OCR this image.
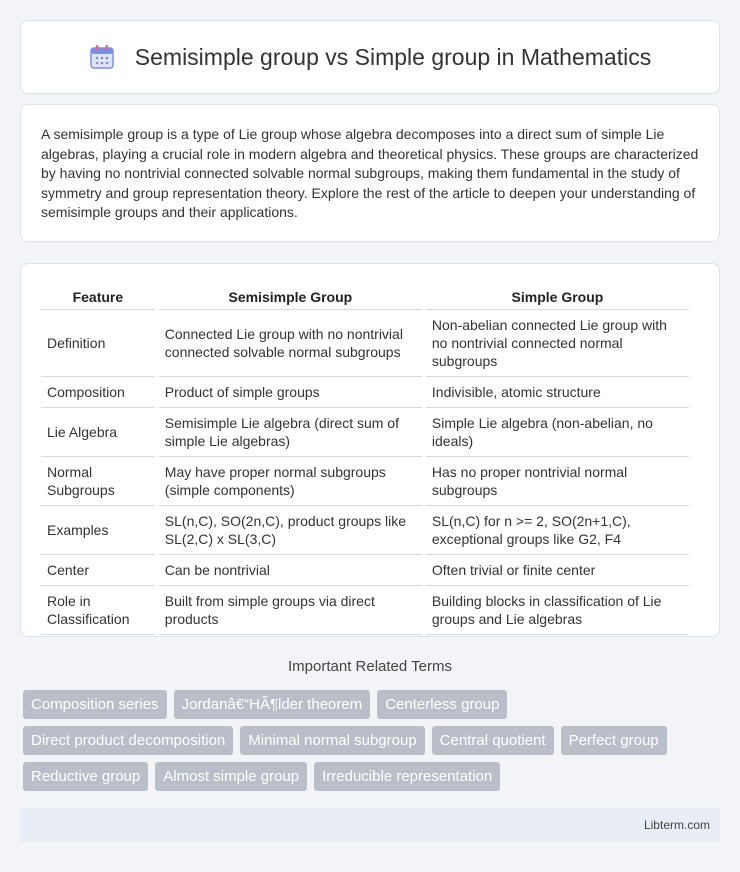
Semisimple group vs Simple group in Mathematics

A semisimple group is a type of Lie group whose algebra decomposes into a direct sum of simple Lie algebras, playing a crucial role in modern algebra and theoretical physics. These groups are characterized by having no nontrivial connected solvable normal subgroups, making them fundamental in the study of symmetry and group representation theory. Explore the rest of the article to deepen your understanding of semisimple groups and their applications.

Feature	Semisimple Group	Simple Group
Definition	Connected Lie group with no nontrivial connected solvable normal subgroups	Non-abelian connected Lie group with no nontrivial connected normal subgroups
Composition	Product of simple groups	Indivisible, atomic structure
Lie Algebra	Semisimple Lie algebra (direct sum of simple Lie algebras)	Simple Lie algebra (non-abelian, no ideals)
Normal Subgroups	May have proper normal subgroups (simple components)	Has no proper nontrivial normal subgroups
Examples	SL(n,C), SO(2n,C), product groups like SL(2,C) x SL(3,C)	SL(n,C) for n >= 2, SO(2n+1,C), exceptional groups like G2, F4
Center	Can be nontrivial	Often trivial or finite center
Role in Classification	Built from simple groups via direct products	Building blocks in classification of Lie groups and Lie algebras
Important Related Terms
Composition series	Jordanâ€“HÃ¶lder theorem	Centerless group
Direct product decomposition	Minimal normal subgroup	Central quotient	Perfect group
Reductive group	Almost simple group	Irreducible representation
Libterm.com
